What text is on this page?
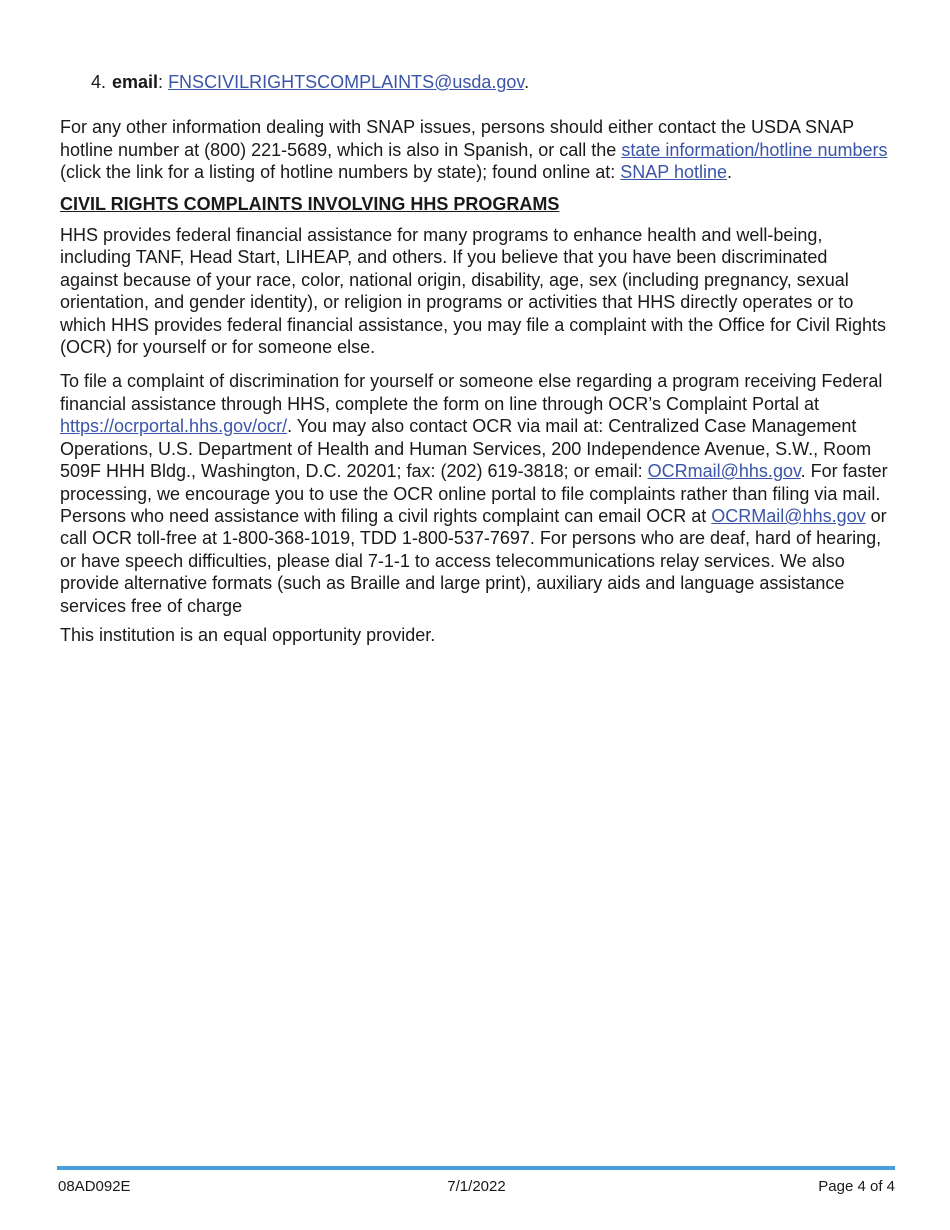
4. email: FNSCIVILRIGHTSCOMPLAINTS@usda.gov.

For any other information dealing with SNAP issues, persons should either contact the USDA SNAP hotline number at (800) 221-5689, which is also in Spanish, or call the state information/hotline numbers (click the link for a listing of hotline numbers by state); found online at: SNAP hotline.

CIVIL RIGHTS COMPLAINTS INVOLVING HHS PROGRAMS

HHS provides federal financial assistance for many programs to enhance health and well-being, including TANF, Head Start, LIHEAP, and others. If you believe that you have been discriminated against because of your race, color, national origin, disability, age, sex (including pregnancy, sexual orientation, and gender identity), or religion in programs or activities that HHS directly operates or to which HHS provides federal financial assistance, you may file a complaint with the Office for Civil Rights (OCR) for yourself or for someone else.

To file a complaint of discrimination for yourself or someone else regarding a program receiving Federal financial assistance through HHS, complete the form on line through OCR’s Complaint Portal at https://ocrportal.hhs.gov/ocr/. You may also contact OCR via mail at: Centralized Case Management Operations, U.S. Department of Health and Human Services, 200 Independence Avenue, S.W., Room 509F HHH Bldg., Washington, D.C. 20201; fax: (202) 619-3818; or email: OCRmail@hhs.gov. For faster processing, we encourage you to use the OCR online portal to file complaints rather than filing via mail. Persons who need assistance with filing a civil rights complaint can email OCR at OCRMail@hhs.gov or call OCR toll-free at 1-800-368-1019, TDD 1-800-537-7697. For persons who are deaf, hard of hearing, or have speech difficulties, please dial 7-1-1 to access telecommunications relay services. We also provide alternative formats (such as Braille and large print), auxiliary aids and language assistance services free of charge

This institution is an equal opportunity provider.

08AD092E	7/1/2022	Page 4 of 4
